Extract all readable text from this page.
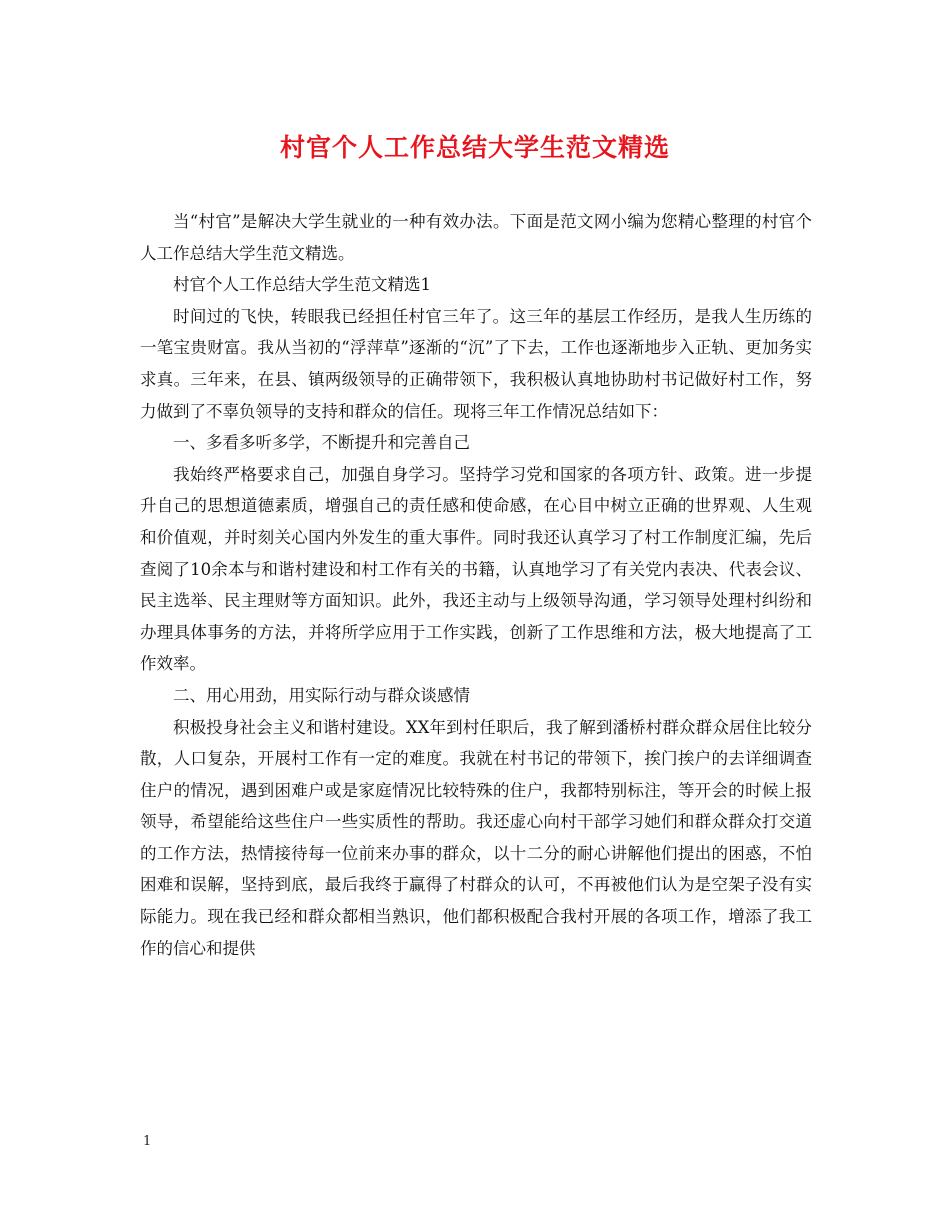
村官个人工作总结大学生范文精选

当“村官”是解决大学生就业的一种有效办法。下面是范文网小编为您精心整理的村官个人工作总结大学生范文精选。

村官个人工作总结大学生范文精选1

时间过的飞快，转眼我已经担任村官三年了。这三年的基层工作经历，是我人生历练的一笔宝贵财富。我从当初的“浮萍草”逐渐的“沉”了下去，工作也逐渐地步入正轨、更加务实求真。三年来，在县、镇两级领导的正确带领下，我积极认真地协助村书记做好村工作，努力做到了不辜负领导的支持和群众的信任。现将三年工作情况总结如下：

一、多看多听多学，不断提升和完善自己

我始终严格要求自己，加强自身学习。坚持学习党和国家的各项方针、政策。进一步提升自己的思想道德素质，增强自己的责任感和使命感，在心目中树立正确的世界观、人生观和价值观，并时刻关心国内外发生的重大事件。同时我还认真学习了村工作制度汇编，先后查阅了10余本与和谐村建设和村工作有关的书籍，认真地学习了有关党内表决、代表会议、民主选举、民主理财等方面知识。此外，我还主动与上级领导沟通，学习领导处理村纠纷和办理具体事务的方法，并将所学应用于工作实践，创新了工作思维和方法，极大地提高了工作效率。

二、用心用劲，用实际行动与群众谈感情

积极投身社会主义和谐村建设。XX年到村任职后，我了解到潘桥村群众群众居住比较分散，人口复杂，开展村工作有一定的难度。我就在村书记的带领下，挨门挨户的去详细调查住户的情况，遇到困难户或是家庭情况比较特殊的住户，我都特别标注，等开会的时候上报领导，希望能给这些住户一些实质性的帮助。我还虚心向村干部学习她们和群众群众打交道的工作方法，热情接待每一位前来办事的群众，以十二分的耐心讲解他们提出的困惑，不怕困难和误解，坚持到底，最后我终于赢得了村群众的认可，不再被他们认为是空架子没有实际能力。现在我已经和群众都相当熟识，他们都积极配合我村开展的各项工作，增添了我工作的信心和提供

1
